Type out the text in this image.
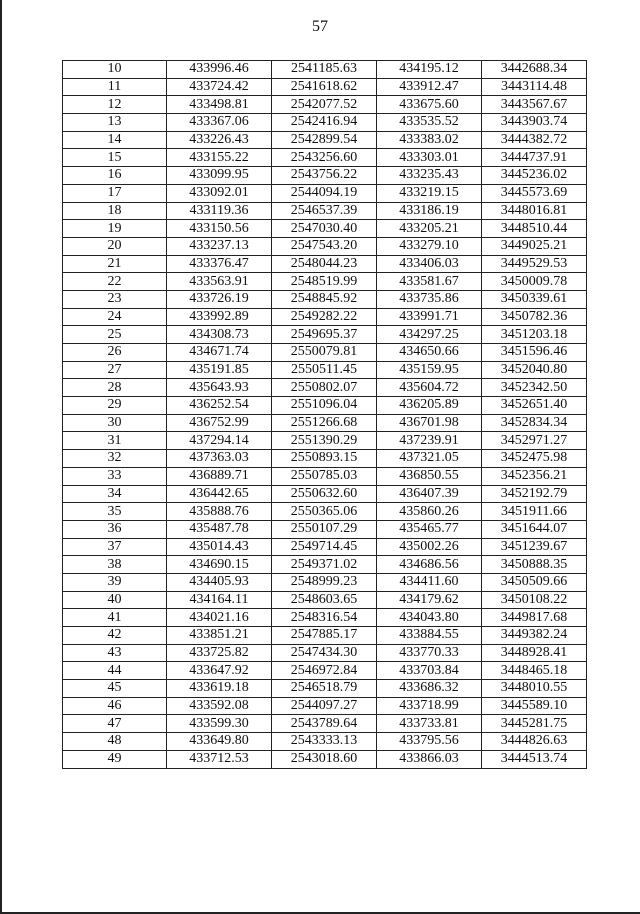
57
10	433996.46	2541185.63	434195.12	3442688.34
11	433724.42	2541618.62	433912.47	3443114.48
12	433498.81	2542077.52	433675.60	3443567.67
13	433367.06	2542416.94	433535.52	3443903.74
14	433226.43	2542899.54	433383.02	3444382.72
15	433155.22	2543256.60	433303.01	3444737.91
16	433099.95	2543756.22	433235.43	3445236.02
17	433092.01	2544094.19	433219.15	3445573.69
18	433119.36	2546537.39	433186.19	3448016.81
19	433150.56	2547030.40	433205.21	3448510.44
20	433237.13	2547543.20	433279.10	3449025.21
21	433376.47	2548044.23	433406.03	3449529.53
22	433563.91	2548519.99	433581.67	3450009.78
23	433726.19	2548845.92	433735.86	3450339.61
24	433992.89	2549282.22	433991.71	3450782.36
25	434308.73	2549695.37	434297.25	3451203.18
26	434671.74	2550079.81	434650.66	3451596.46
27	435191.85	2550511.45	435159.95	3452040.80
28	435643.93	2550802.07	435604.72	3452342.50
29	436252.54	2551096.04	436205.89	3452651.40
30	436752.99	2551266.68	436701.98	3452834.34
31	437294.14	2551390.29	437239.91	3452971.27
32	437363.03	2550893.15	437321.05	3452475.98
33	436889.71	2550785.03	436850.55	3452356.21
34	436442.65	2550632.60	436407.39	3452192.79
35	435888.76	2550365.06	435860.26	3451911.66
36	435487.78	2550107.29	435465.77	3451644.07
37	435014.43	2549714.45	435002.26	3451239.67
38	434690.15	2549371.02	434686.56	3450888.35
39	434405.93	2548999.23	434411.60	3450509.66
40	434164.11	2548603.65	434179.62	3450108.22
41	434021.16	2548316.54	434043.80	3449817.68
42	433851.21	2547885.17	433884.55	3449382.24
43	433725.82	2547434.30	433770.33	3448928.41
44	433647.92	2546972.84	433703.84	3448465.18
45	433619.18	2546518.79	433686.32	3448010.55
46	433592.08	2544097.27	433718.99	3445589.10
47	433599.30	2543789.64	433733.81	3445281.75
48	433649.80	2543333.13	433795.56	3444826.63
49	433712.53	2543018.60	433866.03	3444513.74
